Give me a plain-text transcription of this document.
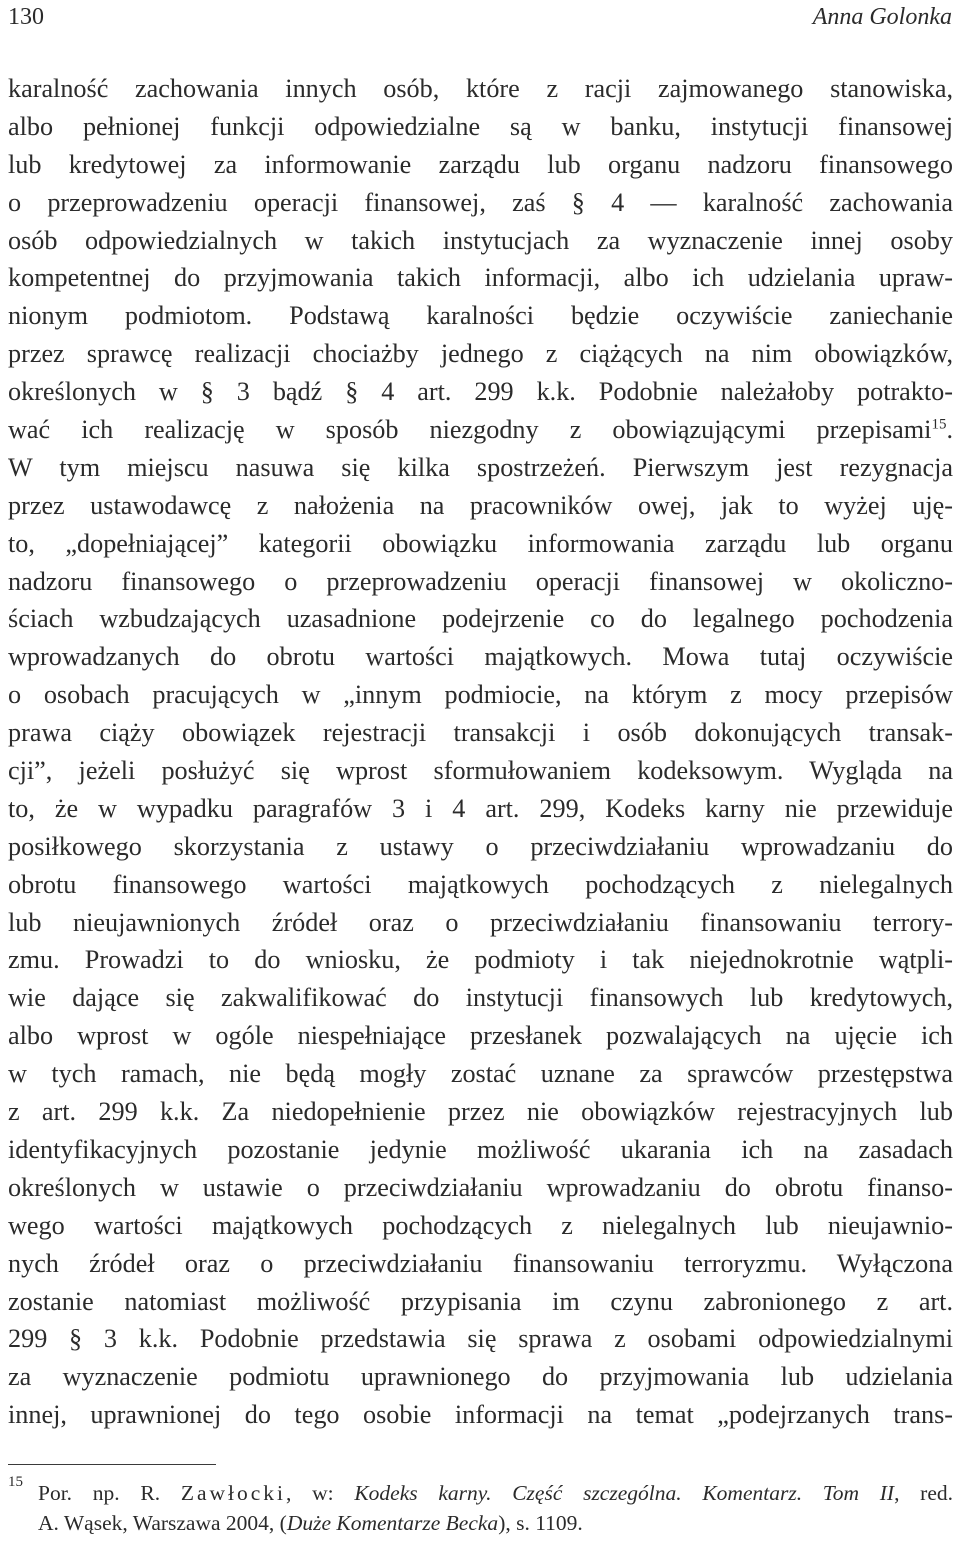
130	Anna Golonka
karalność zachowania innych osób, które z racji zajmowanego stanowiska,
albo pełnionej funkcji odpowiedzialne są w banku, instytucji finansowej
lub kredytowej za informowanie zarządu lub organu nadzoru finansowego
o przeprowadzeniu operacji finansowej, zaś § 4 — karalność zachowania
osób odpowiedzialnych w takich instytucjach za wyznaczenie innej osoby
kompetentnej do przyjmowania takich informacji, albo ich udzielania upraw-
nionym podmiotom. Podstawą karalności będzie oczywiście zaniechanie
przez sprawcę realizacji chociażby jednego z ciążących na nim obowiązków,
określonych w § 3 bądź § 4 art. 299 k.k. Podobnie należałoby potrakto-
wać ich realizację w sposób niezgodny z obowiązującymi przepisami$^{15}$.
W tym miejscu nasuwa się kilka spostrzeżeń. Pierwszym jest rezygnacja
przez ustawodawcę z nałożenia na pracowników owej, jak to wyżej uję-
to, „dopełniającej” kategorii obowiązku informowania zarządu lub organu
nadzoru finansowego o przeprowadzeniu operacji finansowej w okoliczno-
ściach wzbudzających uzasadnione podejrzenie co do legalnego pochodzenia
wprowadzanych do obrotu wartości majątkowych. Mowa tutaj oczywiście
o osobach pracujących w „innym podmiocie, na którym z mocy przepisów
prawa ciąży obowiązek rejestracji transakcji i osób dokonujących transak-
cji”, jeżeli posłużyć się wprost sformułowaniem kodeksowym. Wygląda na
to, że w wypadku paragrafów 3 i 4 art. 299, Kodeks karny nie przewiduje
posiłkowego skorzystania z ustawy o przeciwdziałaniu wprowadzaniu do
obrotu finansowego wartości majątkowych pochodzących z nielegalnych
lub nieujawnionych źródeł oraz o przeciwdziałaniu finansowaniu terrory-
zmu. Prowadzi to do wniosku, że podmioty i tak niejednokrotnie wątpli-
wie dające się zakwalifikować do instytucji finansowych lub kredytowych,
albo wprost w ogóle niespełniające przesłanek pozwalających na ujęcie ich
w tych ramach, nie będą mogły zostać uznane za sprawców przestępstwa
z art. 299 k.k. Za niedopełnienie przez nie obowiązków rejestracyjnych lub
identyfikacyjnych pozostanie jedynie możliwość ukarania ich na zasadach
określonych w ustawie o przeciwdziałaniu wprowadzaniu do obrotu finanso-
wego wartości majątkowych pochodzących z nielegalnych lub nieujawnio-
nych źródeł oraz o przeciwdziałaniu finansowaniu terroryzmu. Wyłączona
zostanie natomiast możliwość przypisania im czynu zabronionego z art.
299 § 3 k.k. Podobnie przedstawia się sprawa z osobami odpowiedzialnymi
za wyznaczenie podmiotu uprawnionego do przyjmowania lub udzielania
innej, uprawnionej do tego osobie informacji na temat „podejrzanych trans-
15 Por. np. R. Zawłocki, w: Kodeks karny. Część szczególna. Komentarz. Tom II, red.
A. Wąsek, Warszawa 2004, (Duże Komentarze Becka), s. 1109.
